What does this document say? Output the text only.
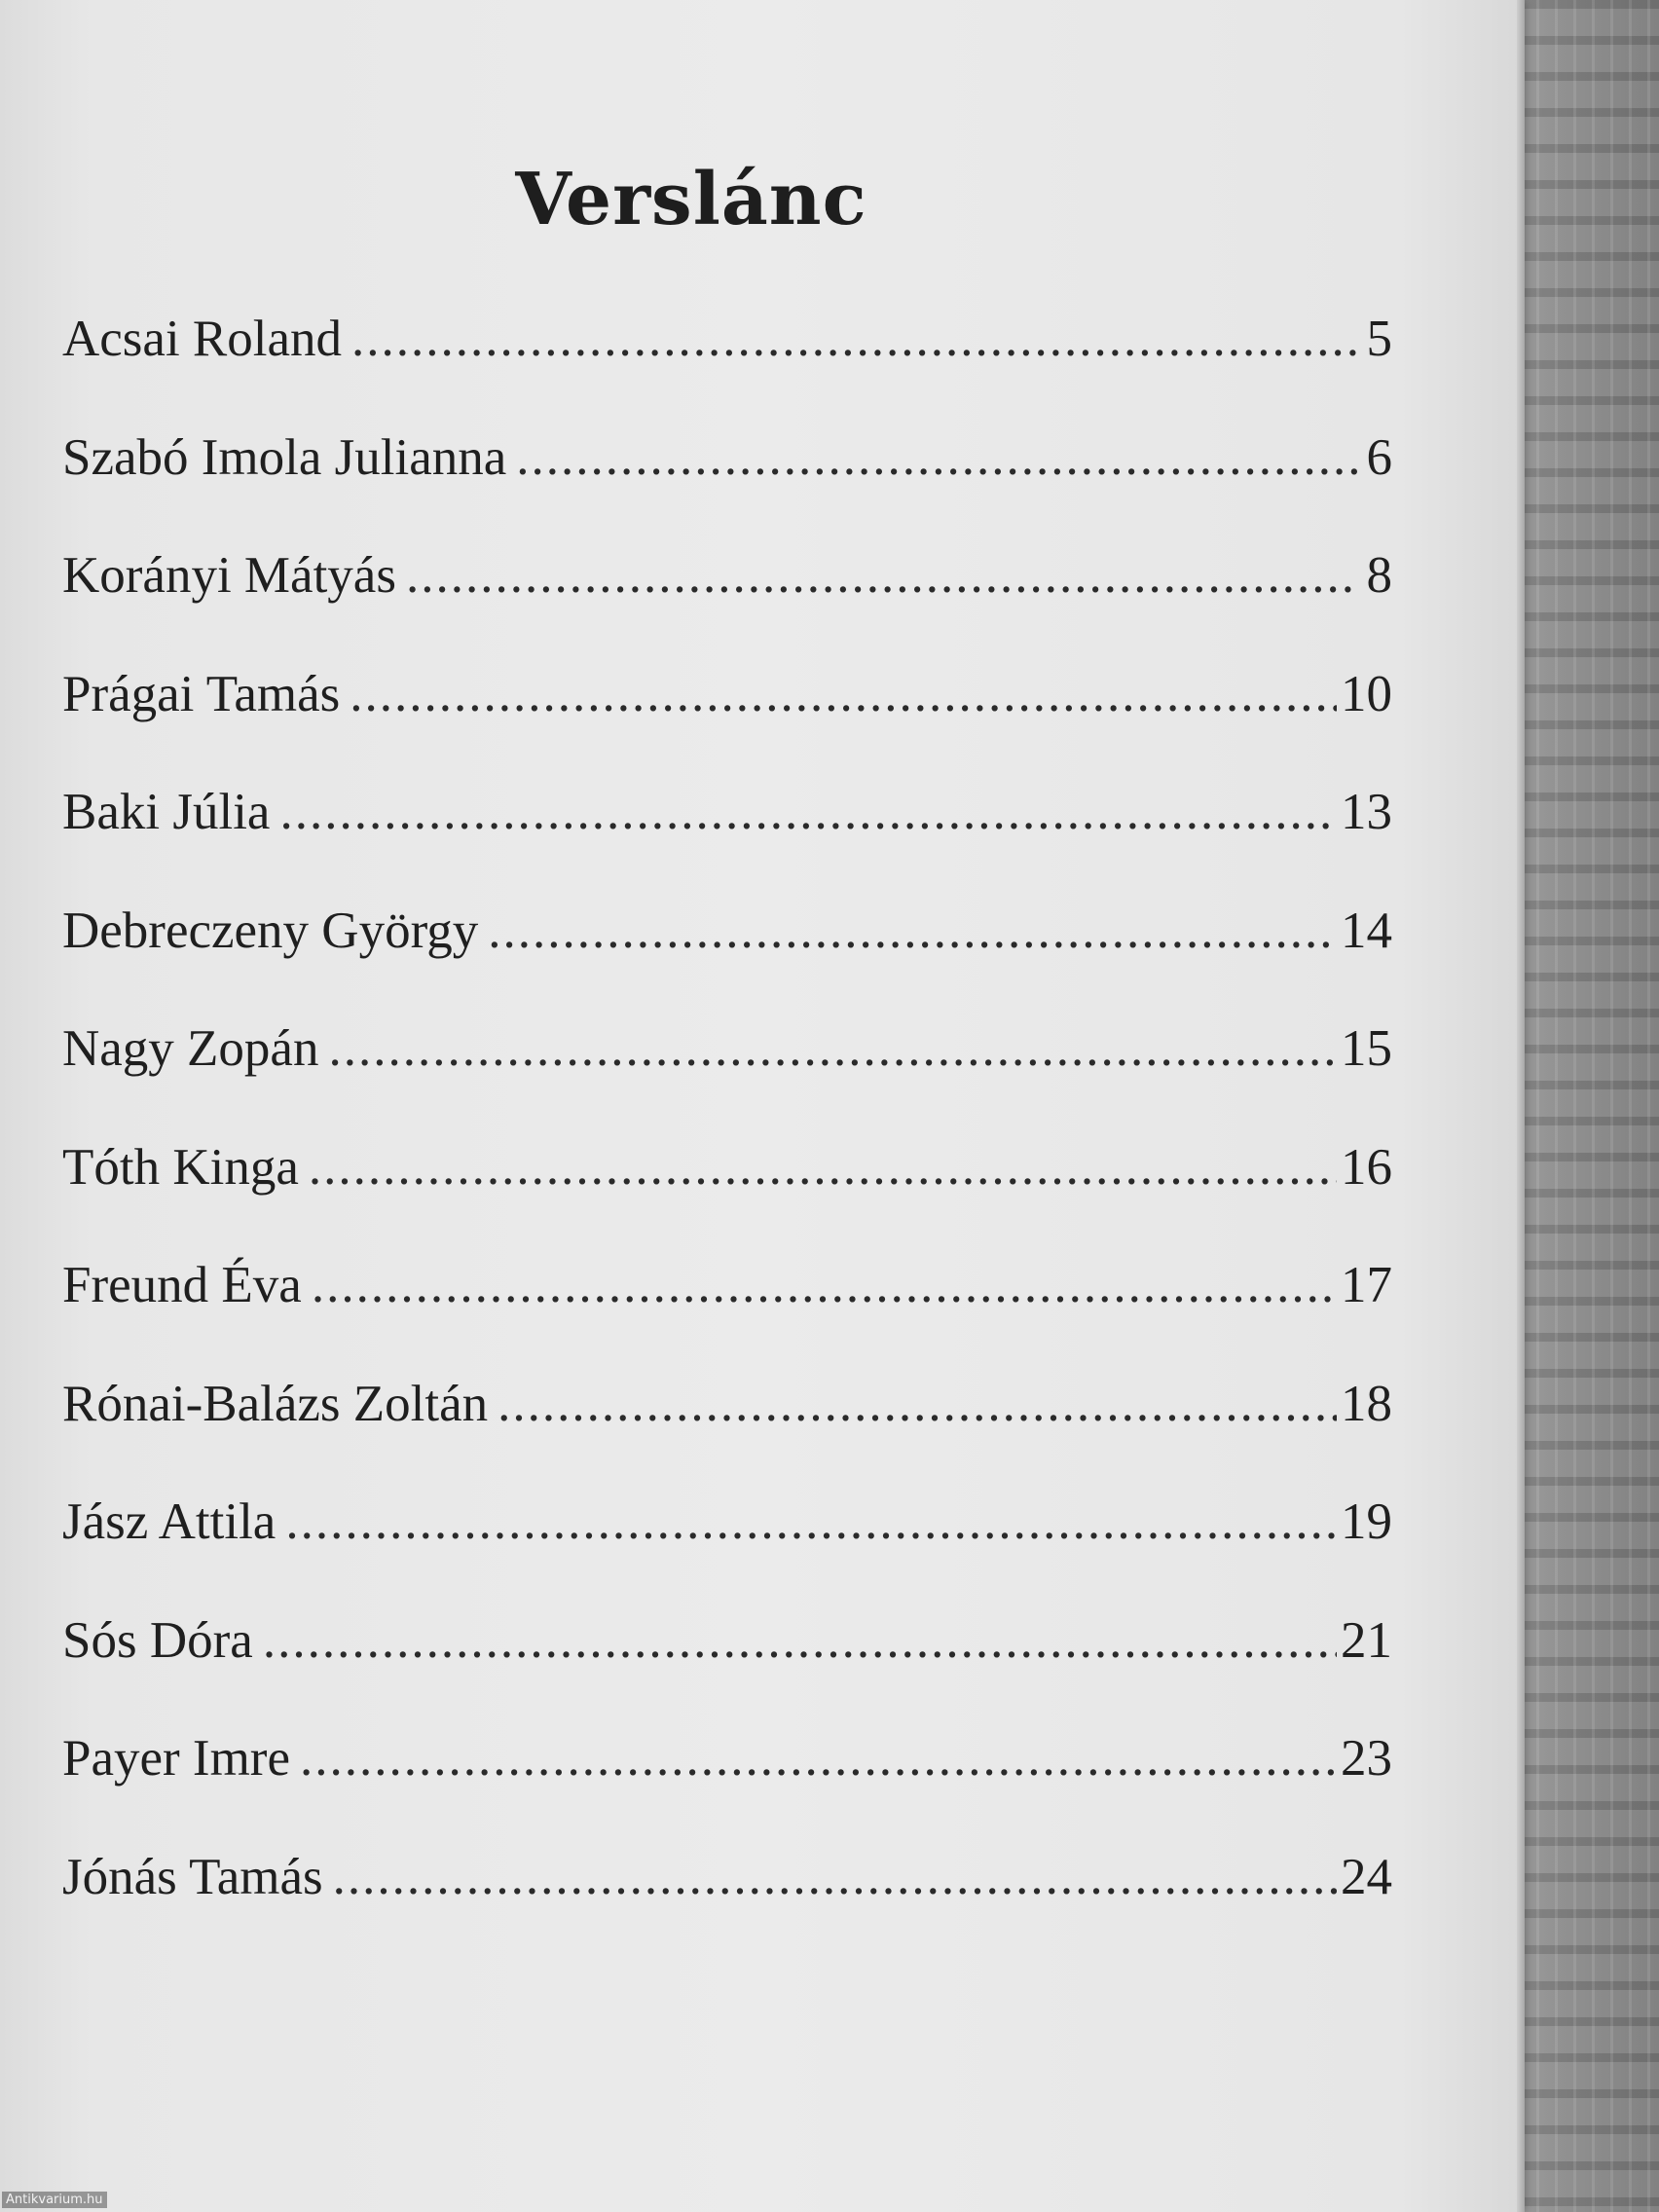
Verslánc
Acsai Roland .....	5
Szabó Imola Julianna .....	6
Korányi Mátyás .....	8
Prágai Tamás .....	10
Baki Júlia .....	13
Debreczeny György .....	14
Nagy Zopán .....	15
Tóth Kinga .....	16
Freund Éva .....	17
Rónai-Balázs Zoltán .....	18
Jász Attila .....	19
Sós Dóra .....	21
Payer Imre .....	23
Jónás Tamás .....	24
Antikvarium.hu
